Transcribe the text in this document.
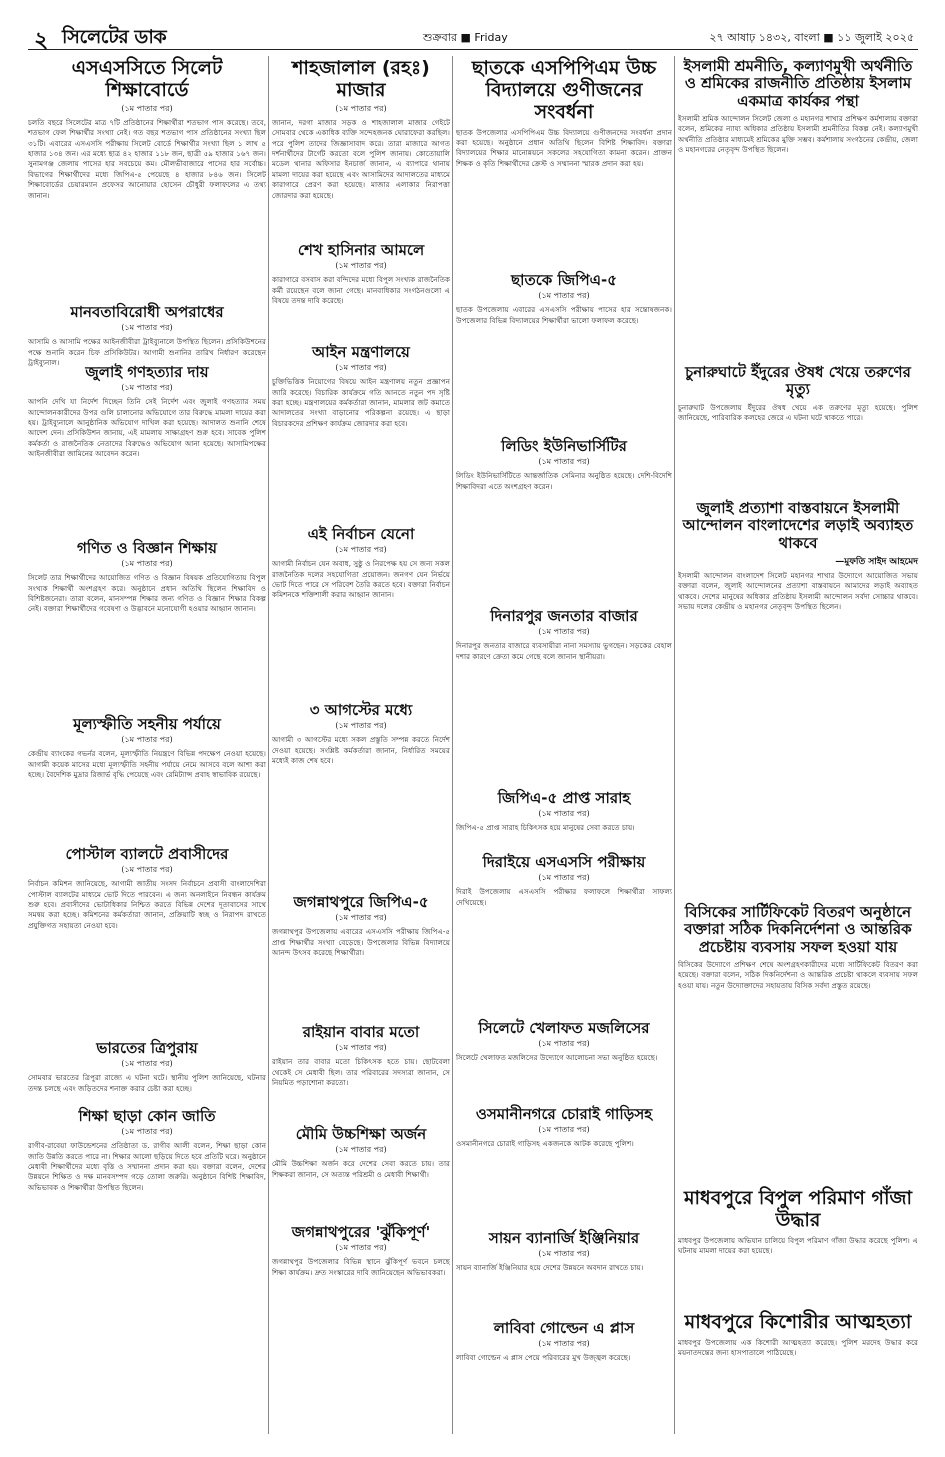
২ সিলেটের ডাক	শুক্রবার ■ Friday	২৭ আষাঢ় ১৪৩২, বাংলা ■ ১১ জুলাই ২০২৫
এসএসসিতে সিলেট শিক্ষাবোর্ডে
(১ম পাতার পর)
চলতি বছরে সিলেটের মাত্র ৭টি প্রতিষ্ঠানের শিক্ষার্থীরা শতভাগ পাস করেছে। তবে, শতভাগ ফেল শিক্ষার্থীর সংখ্যা নেই। গত বছর শতভাগ পাস প্রতিষ্ঠানের সংখ্যা ছিল ৩১টি। এবারের এসএসসি পরীক্ষায় সিলেট বোর্ডে শিক্ষার্থীর সংখ্যা ছিল ১ লাখ ৫ হাজার ১৩৪ জন। এর মধ্যে ছাত্র ৪২ হাজার ১১৮ জন, ছাত্রী ৫৯ হাজার ১৬৭ জন। সুনামগঞ্জ জেলায় পাসের হার সবচেয়ে কম। মৌলভীবাজারে পাসের হার সর্বোচ্চ। বিভাগের শিক্ষার্থীদের মধ্যে জিপিএ-৫ পেয়েছে ৪ হাজার ৮৪৬ জন। সিলেট শিক্ষাবোর্ডের চেয়ারম্যান প্রফেসর আনোয়ার হোসেন চৌধুরী ফলাফলের এ তথ্য জানান।
মানবতাবিরোধী অপরাধের
(১ম পাতার পর)
আসামি ও আসামি পক্ষের আইনজীবীরা ট্রাইব্যুনালে উপস্থিত ছিলেন। প্রসিকিউশনের পক্ষে শুনানি করেন চিফ প্রসিকিউটর। আগামী শুনানির তারিখ নির্ধারণ করেছেন ট্রাইব্যুনাল।
জুলাই গণহত্যার দায়
(১ম পাতার পর)
আপনি দেখি যা নির্দেশ দিচ্ছেন তিনি সেই নির্দেশ এবং জুলাই গণহত্যার সময় আন্দোলনকারীদের উপর গুলি চালানোর অভিযোগে তার বিরুদ্ধে মামলা দায়ের করা হয়। ট্রাইব্যুনালে আনুষ্ঠানিক অভিযোগ দাখিল করা হয়েছে। আদালত শুনানি শেষে আদেশ দেন। প্রসিকিউশন জানায়, এই মামলায় সাক্ষ্যগ্রহণ শুরু হবে। সাবেক পুলিশ কর্মকর্তা ও রাজনৈতিক নেতাদের বিরুদ্ধেও অভিযোগ আনা হয়েছে। আসামিপক্ষের আইনজীবীরা জামিনের আবেদন করেন।
গণিত ও বিজ্ঞান শিক্ষায়
(১ম পাতার পর)
সিলেট তার শিক্ষার্থীদের আয়োজিত গণিত ও বিজ্ঞান বিষয়ক প্রতিযোগিতায় বিপুল সংখ্যক শিক্ষার্থী অংশগ্রহণ করে। অনুষ্ঠানে প্রধান অতিথি ছিলেন শিক্ষাবিদ ও বিশিষ্টজনেরা। তারা বলেন, মানসম্পন্ন শিক্ষার জন্য গণিত ও বিজ্ঞান শিক্ষার বিকল্প নেই। বক্তারা শিক্ষার্থীদের গবেষণা ও উদ্ভাবনে মনোযোগী হওয়ার আহ্বান জানান।
মূল্যস্ফীতি সহনীয় পর্যায়ে
(১ম পাতার পর)
কেন্দ্রীয় ব্যাংকের গভর্নর বলেন, মূল্যস্ফীতি নিয়ন্ত্রণে বিভিন্ন পদক্ষেপ নেওয়া হয়েছে। আগামী কয়েক মাসের মধ্যে মূল্যস্ফীতি সহনীয় পর্যায়ে নেমে আসবে বলে আশা করা হচ্ছে। বৈদেশিক মুদ্রার রিজার্ভ বৃদ্ধি পেয়েছে এবং রেমিট্যান্স প্রবাহ স্বাভাবিক রয়েছে।
পোস্টাল ব্যালটে প্রবাসীদের
(১ম পাতার পর)
নির্বাচন কমিশন জানিয়েছে, আগামী জাতীয় সংসদ নির্বাচনে প্রবাসী বাংলাদেশিরা পোস্টাল ব্যালটের মাধ্যমে ভোট দিতে পারবেন। এ জন্য অনলাইনে নিবন্ধন কার্যক্রম শুরু হবে। প্রবাসীদের ভোটাধিকার নিশ্চিত করতে বিভিন্ন দেশের দূতাবাসের সাথে সমন্বয় করা হচ্ছে। কমিশনের কর্মকর্তারা জানান, প্রক্রিয়াটি স্বচ্ছ ও নিরাপদ রাখতে প্রযুক্তিগত সহায়তা নেওয়া হবে।
ভারতের ত্রিপুরায়
(১ম পাতার পর)
সোমবার ভারতের ত্রিপুরা রাজ্যে এ ঘটনা ঘটে। স্থানীয় পুলিশ জানিয়েছে, ঘটনার তদন্ত চলছে এবং জড়িতদের শনাক্ত করার চেষ্টা করা হচ্ছে।
শিক্ষা ছাড়া কোন জাতি
(১ম পাতার পর)
রাগীব-রাবেয়া ফাউন্ডেশনের প্রতিষ্ঠাতা ড. রাগীব আলী বলেন, শিক্ষা ছাড়া কোন জাতি উন্নতি করতে পারে না। শিক্ষার আলো ছড়িয়ে দিতে হবে প্রতিটি ঘরে। অনুষ্ঠানে মেধাবী শিক্ষার্থীদের মধ্যে বৃত্তি ও সম্মাননা প্রদান করা হয়। বক্তারা বলেন, দেশের উন্নয়নে শিক্ষিত ও দক্ষ মানবসম্পদ গড়ে তোলা জরুরি। অনুষ্ঠানে বিশিষ্ট শিক্ষাবিদ, অভিভাবক ও শিক্ষার্থীরা উপস্থিত ছিলেন।
শাহজালাল (রহঃ) মাজার
(১ম পাতার পর)
জানান, দরগা মাজার সড়ক ও শাহজালাল মাজার গেইটে সোমবার থেকে একাধিক ব্যক্তি সন্দেহজনক ঘোরাফেরা করছিল। পরে পুলিশ তাদের জিজ্ঞাসাবাদ করে। তারা মাজারে আগত দর্শনার্থীদের টার্গেট করতো বলে পুলিশ জানায়। কোতোয়ালি মডেল থানার অফিসার ইনচার্জ জানান, এ ব্যাপারে থানায় মামলা দায়ের করা হয়েছে এবং আসামিদের আদালতের মাধ্যমে কারাগারে প্রেরণ করা হয়েছে। মাজার এলাকার নিরাপত্তা জোরদার করা হয়েছে।
শেখ হাসিনার আমলে
(১ম পাতার পর)
কারাগারে বসবাস করা বন্দিদের মধ্যে বিপুল সংখ্যক রাজনৈতিক কর্মী রয়েছেন বলে জানা গেছে। মানবাধিকার সংগঠনগুলো এ বিষয়ে তদন্ত দাবি করেছে।
আইন মন্ত্রণালয়ে
(১ম পাতার পর)
চুক্তিভিত্তিক নিয়োগের বিষয়ে আইন মন্ত্রণালয় নতুন প্রজ্ঞাপন জারি করেছে। বিচারিক কার্যক্রমে গতি আনতে নতুন পদ সৃষ্টি করা হচ্ছে। মন্ত্রণালয়ের কর্মকর্তারা জানান, মামলার জট কমাতে আদালতের সংখ্যা বাড়ানোর পরিকল্পনা রয়েছে। এ ছাড়া বিচারকদের প্রশিক্ষণ কার্যক্রম জোরদার করা হবে।
এই নির্বাচন যেনো
(১ম পাতার পর)
আগামী নির্বাচন যেন অবাধ, সুষ্ঠু ও নিরপেক্ষ হয় সে জন্য সকল রাজনৈতিক দলের সহযোগিতা প্রয়োজন। জনগণ যেন নির্ভয়ে ভোট দিতে পারে সে পরিবেশ তৈরি করতে হবে। বক্তারা নির্বাচন কমিশনকে শক্তিশালী করার আহ্বান জানান।
৩ আগস্টের মধ্যে
(১ম পাতার পর)
আগামী ৩ আগস্টের মধ্যে সকল প্রস্তুতি সম্পন্ন করতে নির্দেশ দেওয়া হয়েছে। সংশ্লিষ্ট কর্মকর্তারা জানান, নির্ধারিত সময়ের মধ্যেই কাজ শেষ হবে।
জগন্নাথপুরে জিপিএ-৫
(১ম পাতার পর)
জগন্নাথপুর উপজেলায় এবারের এসএসসি পরীক্ষায় জিপিএ-৫ প্রাপ্ত শিক্ষার্থীর সংখ্যা বেড়েছে। উপজেলার বিভিন্ন বিদ্যালয়ে আনন্দ উৎসব করেছে শিক্ষার্থীরা।
রাইয়ান বাবার মতো
(১ম পাতার পর)
রাইয়ান তার বাবার মতো চিকিৎসক হতে চায়। ছোটবেলা থেকেই সে মেধাবী ছিল। তার পরিবারের সদস্যরা জানান, সে নিয়মিত পড়াশোনা করতো।
মৌমি উচ্চশিক্ষা অর্জন
(১ম পাতার পর)
মৌমি উচ্চশিক্ষা অর্জন করে দেশের সেবা করতে চায়। তার শিক্ষকরা জানান, সে অত্যন্ত পরিশ্রমী ও মেধাবী শিক্ষার্থী।
জগন্নাথপুরের 'ঝুঁকিপূর্ণ'
(১ম পাতার পর)
জগন্নাথপুর উপজেলার বিভিন্ন স্থানে ঝুঁকিপূর্ণ ভবনে চলছে শিক্ষা কার্যক্রম। দ্রুত সংস্কারের দাবি জানিয়েছেন অভিভাবকরা।
ছাতকে এসপিপিএম উচ্চ বিদ্যালয়ে গুণীজনের সংবর্ধনা
ছাতক উপজেলার এসপিপিএম উচ্চ বিদ্যালয়ে গুণীজনদের সংবর্ধনা প্রদান করা হয়েছে। অনুষ্ঠানে প্রধান অতিথি ছিলেন বিশিষ্ট শিক্ষাবিদ। বক্তারা বিদ্যালয়ের শিক্ষার মানোন্নয়নে সকলের সহযোগিতা কামনা করেন। প্রাক্তন শিক্ষক ও কৃতি শিক্ষার্থীদের ক্রেস্ট ও সম্মাননা স্মারক প্রদান করা হয়।
ছাতকে জিপিএ-৫
(১ম পাতার পর)
ছাতক উপজেলায় এবারের এসএসসি পরীক্ষায় পাসের হার সন্তোষজনক। উপজেলার বিভিন্ন বিদ্যালয়ের শিক্ষার্থীরা ভালো ফলাফল করেছে।
লিডিং ইউনিভার্সিটির
(১ম পাতার পর)
লিডিং ইউনিভার্সিটিতে আন্তর্জাতিক সেমিনার অনুষ্ঠিত হয়েছে। দেশি-বিদেশি শিক্ষাবিদরা এতে অংশগ্রহণ করেন।
দিনারপুর জনতার বাজার
(১ম পাতার পর)
দিনারপুর জনতার বাজারে ব্যবসায়ীরা নানা সমস্যায় ভুগছেন। সড়কের বেহাল দশার কারণে ক্রেতা কমে গেছে বলে জানান স্থানীয়রা।
জিপিএ-৫ প্রাপ্ত সারাহ
(১ম পাতার পর)
জিপিএ-৫ প্রাপ্ত সারাহ চিকিৎসক হয়ে মানুষের সেবা করতে চায়।
দিরাইয়ে এসএসসি পরীক্ষায়
(১ম পাতার পর)
দিরাই উপজেলায় এসএসসি পরীক্ষার ফলাফলে শিক্ষার্থীরা সাফল্য দেখিয়েছে।
সিলেটে খেলাফত মজলিসের
(১ম পাতার পর)
সিলেটে খেলাফত মজলিসের উদ্যোগে আলোচনা সভা অনুষ্ঠিত হয়েছে।
ওসমানীনগরে চোরাই গাড়িসহ
(১ম পাতার পর)
ওসমানীনগরে চোরাই গাড়িসহ একজনকে আটক করেছে পুলিশ।
সায়ন ব্যানার্জি ইঞ্জিনিয়ার
(১ম পাতার পর)
সায়ন ব্যানার্জি ইঞ্জিনিয়ার হয়ে দেশের উন্নয়নে অবদান রাখতে চায়।
লাবিবা গোল্ডেন এ প্লাস
(১ম পাতার পর)
লাবিবা গোল্ডেন এ প্লাস পেয়ে পরিবারের মুখ উজ্জ্বল করেছে।
ইসলামী শ্রমনীতি, কল্যাণমুখী অর্থনীতি ও শ্রমিকের রাজনীতি প্রতিষ্ঠায় ইসলাম একমাত্র কার্যকর পন্থা
ইসলামী শ্রমিক আন্দোলন সিলেট জেলা ও মহানগর শাখার প্রশিক্ষণ কর্মশালায় বক্তারা বলেন, শ্রমিকের ন্যায্য অধিকার প্রতিষ্ঠায় ইসলামী শ্রমনীতির বিকল্প নেই। কল্যাণমুখী অর্থনীতি প্রতিষ্ঠার মাধ্যমেই শ্রমিকের মুক্তি সম্ভব। কর্মশালায় সংগঠনের কেন্দ্রীয়, জেলা ও মহানগরের নেতৃবৃন্দ উপস্থিত ছিলেন।
চুনারুঘাটে ইঁদুরের ঔষধ খেয়ে তরুণের মৃত্যু
চুনারুঘাট উপজেলায় ইঁদুরের ঔষধ খেয়ে এক তরুণের মৃত্যু হয়েছে। পুলিশ জানিয়েছে, পারিবারিক কলহের জেরে এ ঘটনা ঘটে থাকতে পারে।
জুলাই প্রত্যাশা বাস্তবায়নে ইসলামী আন্দোলন বাংলাদেশের লড়াই অব্যাহত থাকবে
—মুফতি সাইদ আহমেদ
ইসলামী আন্দোলন বাংলাদেশ সিলেট মহানগর শাখার উদ্যোগে আয়োজিত সভায় বক্তারা বলেন, জুলাই আন্দোলনের প্রত্যাশা বাস্তবায়নে আমাদের লড়াই অব্যাহত থাকবে। দেশের মানুষের অধিকার প্রতিষ্ঠায় ইসলামী আন্দোলন সর্বদা সোচ্চার থাকবে। সভায় দলের কেন্দ্রীয় ও মহানগর নেতৃবৃন্দ উপস্থিত ছিলেন।
বিসিকের সার্টিফিকেট বিতরণ অনুষ্ঠানে বক্তারা সঠিক দিকনির্দেশনা ও আন্তরিক প্রচেষ্টায় ব্যবসায় সফল হওয়া যায়
বিসিকের উদ্যোগে প্রশিক্ষণ শেষে অংশগ্রহণকারীদের মধ্যে সার্টিফিকেট বিতরণ করা হয়েছে। বক্তারা বলেন, সঠিক দিকনির্দেশনা ও আন্তরিক প্রচেষ্টা থাকলে ব্যবসায় সফল হওয়া যায়। নতুন উদ্যোক্তাদের সহায়তায় বিসিক সর্বদা প্রস্তুত রয়েছে।
মাধবপুরে বিপুল পরিমাণ গাঁজা উদ্ধার
মাধবপুর উপজেলায় অভিযান চালিয়ে বিপুল পরিমাণ গাঁজা উদ্ধার করেছে পুলিশ। এ ঘটনায় মামলা দায়ের করা হয়েছে।
মাধবপুরে কিশোরীর আত্মহত্যা
মাধবপুর উপজেলায় এক কিশোরী আত্মহত্যা করেছে। পুলিশ মরদেহ উদ্ধার করে ময়নাতদন্তের জন্য হাসপাতালে পাঠিয়েছে।
